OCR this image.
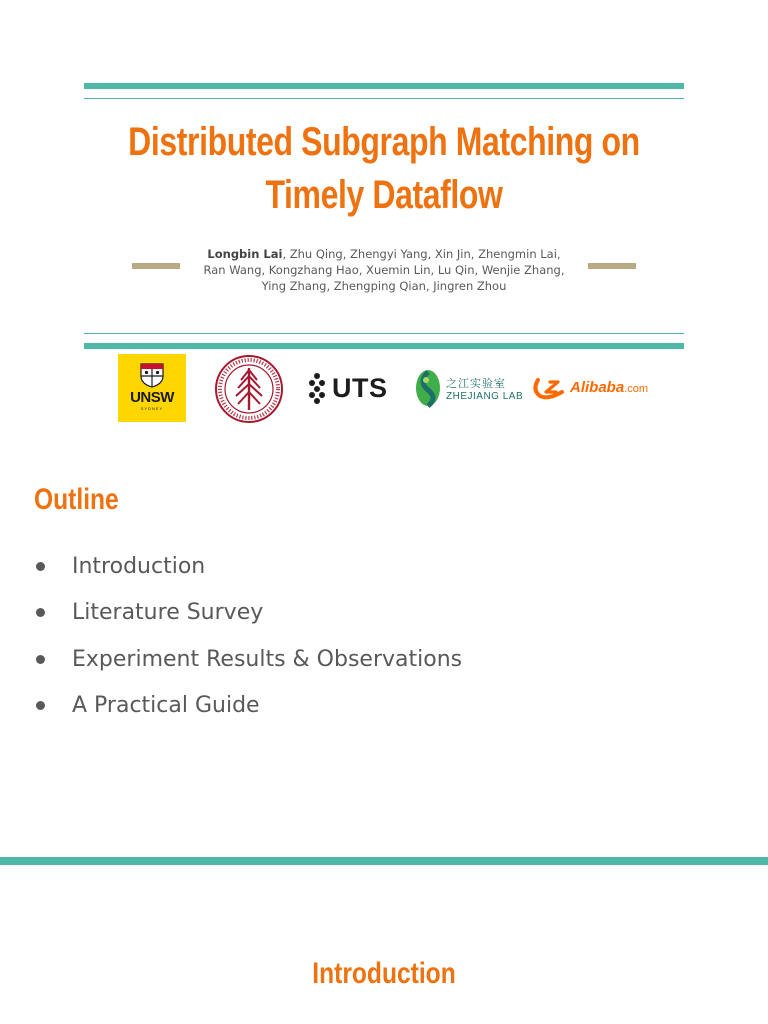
Distributed Subgraph Matching on
Timely Dataflow
Longbin Lai, Zhu Qing, Zhengyi Yang, Xin Jin, Zhengmin Lai,
Ran Wang, Kongzhang Hao, Xuemin Lin, Lu Qin, Wenjie Zhang,
Ying Zhang, Zhengping Qian, Jingren Zhou
UNSW
SYDNEY
UTS	之江实验室
ZHEJIANG LAB
Alibaba.com
Outline
Introduction
Literature Survey
Experiment Results & Observations
A Practical Guide
Introduction
